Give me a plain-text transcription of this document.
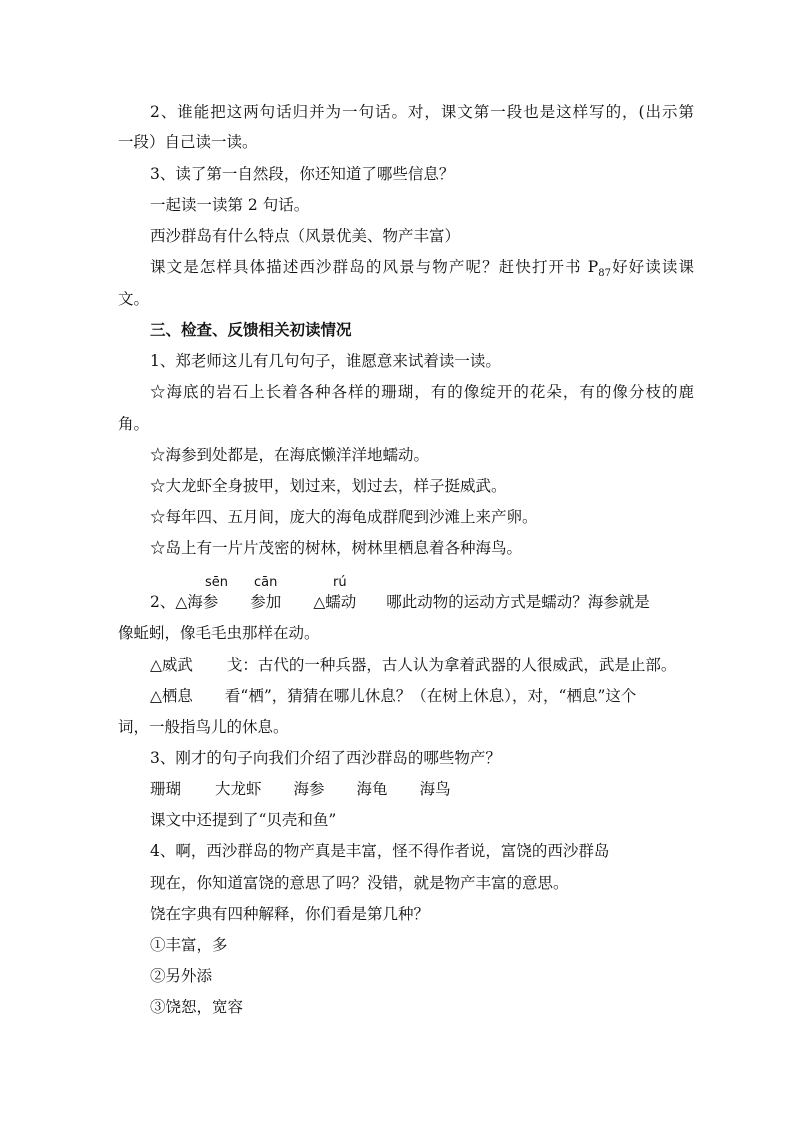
2、谁能把这两句话归并为一句话。对，课文第一段也是这样写的，(出示第
一段）自己读一读。
3、读了第一自然段，你还知道了哪些信息？
一起读一读第 2 句话。
西沙群岛有什么特点（风景优美、物产丰富）
课文是怎样具体描述西沙群岛的风景与物产呢？赶快打开书 $P_{87}$好好读读课
文。
三、检查、反馈相关初读情况
1、郑老师这儿有几句句子，谁愿意来试着读一读。
☆海底的岩石上长着各种各样的珊瑚，有的像绽开的花朵，有的像分枝的鹿
角。
☆海参到处都是，在海底懒洋洋地蠕动。
☆大龙虾全身披甲，划过来，划过去，样子挺威武。
☆每年四、五月间，庞大的海龟成群爬到沙滩上来产卵。
☆岛上有一片片茂密的树林，树林里栖息着各种海鸟。
sēn cān	rú
2、△海参 参加 △蠕动 哪此动物的运动方式是蠕动？海参就是
像蚯蚓，像毛毛虫那样在动。
△威武 戈：古代的一种兵器，古人认为拿着武器的人很威武，武是止部。
△栖息 看“栖”，猜猜在哪儿休息？（在树上休息），对，“栖息”这个
词，一般指鸟儿的休息。
3、刚才的句子向我们介绍了西沙群岛的哪些物产？
珊瑚 大龙虾 海参 海龟 海鸟
课文中还提到了“贝壳和鱼”
4、啊，西沙群岛的物产真是丰富，怪不得作者说，富饶的西沙群岛
现在，你知道富饶的意思了吗？没错，就是物产丰富的意思。
饶在字典有四种解释，你们看是第几种？
①丰富，多
②另外添
③饶恕，宽容
